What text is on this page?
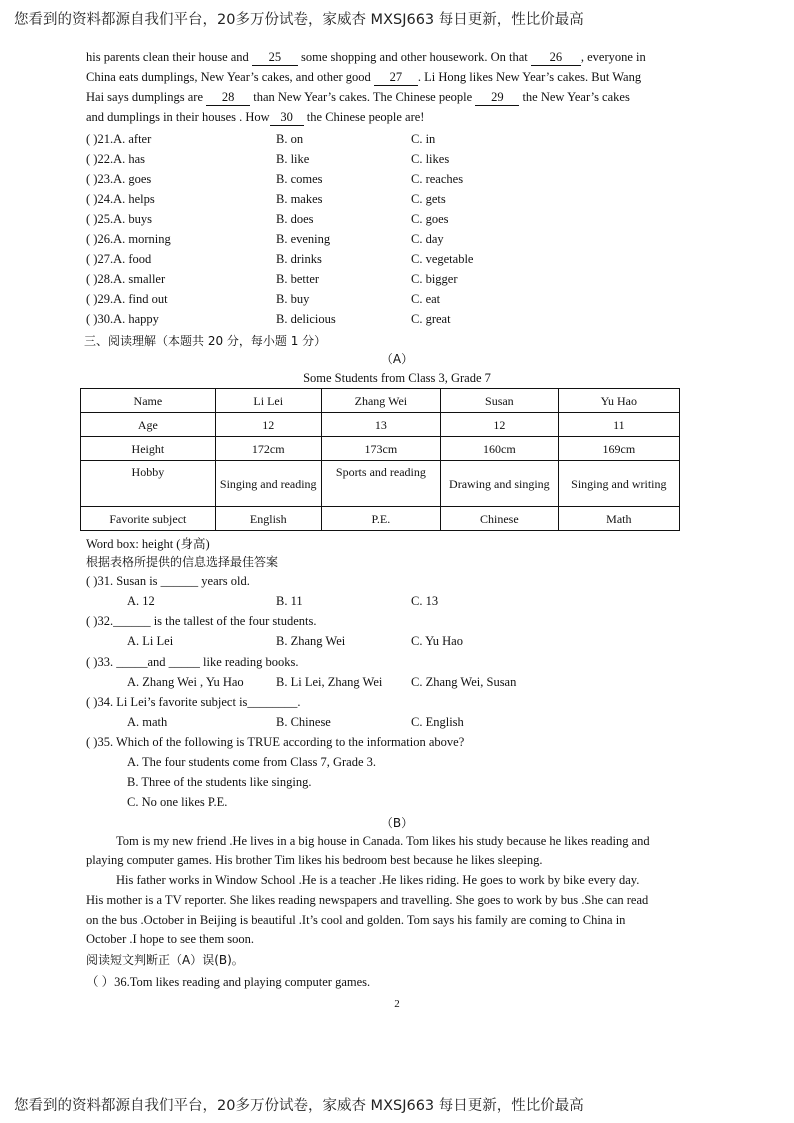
您看到的资料都源自我们平台，20多万份试卷，家威杏 MXSJ663 每日更新，性比价最高
his parents clean their house and 25 some shopping and other housework. On that 26 , everyone in
China eats dumplings, New Year’s cakes, and other good 27 . Li Hong likes New Year’s cakes. But Wang
Hai says dumplings are 28 than New Year’s cakes. The Chinese people 29 the New Year’s cakes
and dumplings in their houses . How 30 the Chinese people are!
( )21.A. after	B. on	C. in
( )22.A. has	B. like	C. likes
( )23.A. goes	B. comes	C. reaches
( )24.A. helps	B. makes	C. gets
( )25.A. buys	B. does	C. goes
( )26.A. morning	B. evening	C. day
( )27.A. food	B. drinks	C. vegetable
( )28.A. smaller	B. better	C. bigger
( )29.A. find out	B. buy	C. eat
( )30.A. happy	B. delicious	C. great
三、阅读理解（本题共 20 分，每小题 1 分）
（A）
Some Students from Class 3, Grade 7
Name	Li Lei	Zhang Wei	Susan	Yu Hao
Age	12	13	12	11
Height	172cm	173cm	160cm	169cm
Hobby	Singing and reading	Sports and reading	Drawing and singing	Singing and writing
Favorite subject	English	P.E.	Chinese	Math
Word box: height (身高)
根据表格所提供的信息选择最佳答案
( )31. Susan is ______ years old.
A. 12	B. 11	C. 13
( )32.______ is the tallest of the four students.
A. Li Lei	B. Zhang Wei	C. Yu Hao
( )33. _____and _____ like reading books.
A. Zhang Wei , Yu Hao	B. Li Lei, Zhang Wei C. Zhang Wei, Susan
( )34. Li Lei’s favorite subject is________.
A. math	B. Chinese	C. English
( )35. Which of the following is TRUE according to the information above?
A. The four students come from Class 7, Grade 3.
B. Three of the students like singing.
C. No one likes P.E.
（B）
Tom is my new friend .He lives in a big house in Canada. Tom likes his study because he likes reading and
playing computer games. His brother Tim likes his bedroom best because he likes sleeping.
His father works in Window School .He is a teacher .He likes riding. He goes to work by bike every day.
His mother is a TV reporter. She likes reading newspapers and travelling. She goes to work by bus .She can read
on the bus .October in Beijing is beautiful .It’s cool and golden. Tom says his family are coming to China in
October .I hope to see them soon.
阅读短文判断正（A）误(B)。
（ ）36.Tom likes reading and playing computer games.
2
您看到的资料都源自我们平台，20多万份试卷，家威杏 MXSJ663 每日更新，性比价最高
